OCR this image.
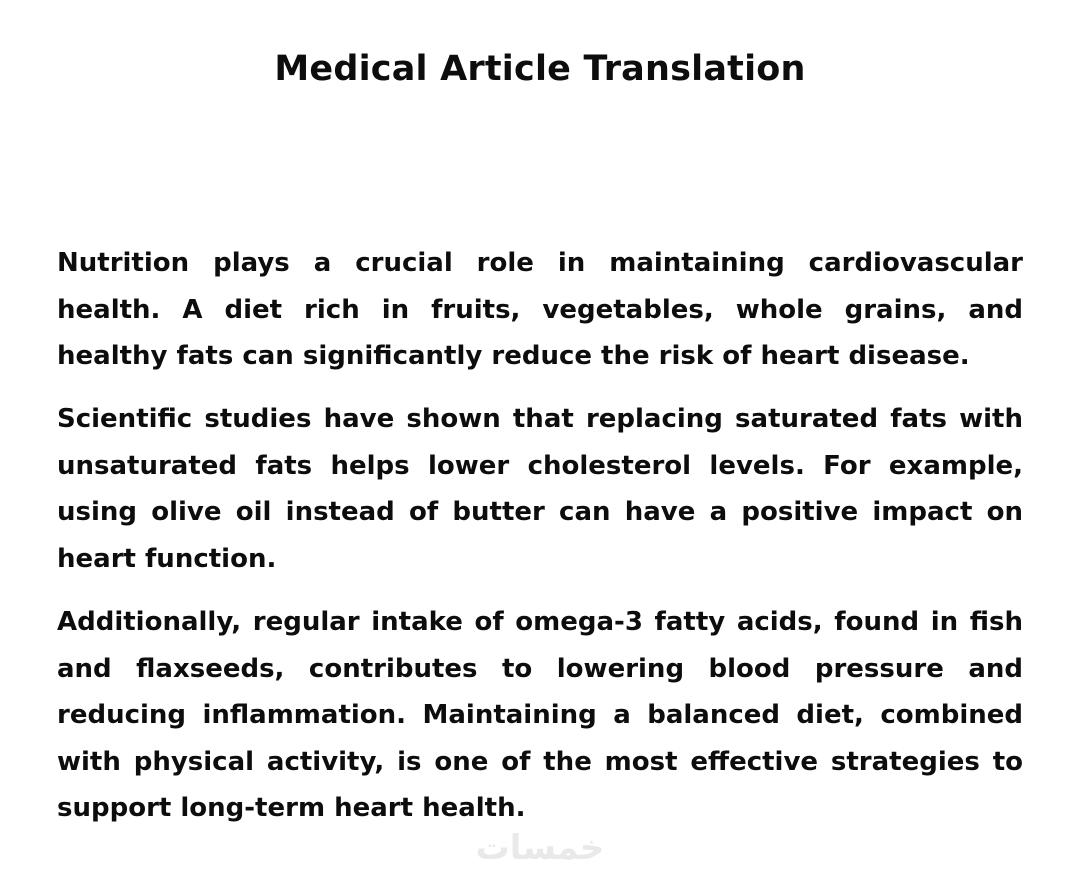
Medical Article Translation

Nutrition plays a crucial role in maintaining cardiovascular health. A diet rich in fruits, vegetables, whole grains, and healthy fats can significantly reduce the risk of heart disease.

Scientific studies have shown that replacing saturated fats with unsaturated fats helps lower cholesterol levels. For example, using olive oil instead of butter can have a positive impact on heart function.

Additionally, regular intake of omega-3 fatty acids, found in fish and flaxseeds, contributes to lowering blood pressure and reducing inflammation. Maintaining a balanced diet, combined with physical activity, is one of the most effective strategies to support long-term heart health.

خمسات
